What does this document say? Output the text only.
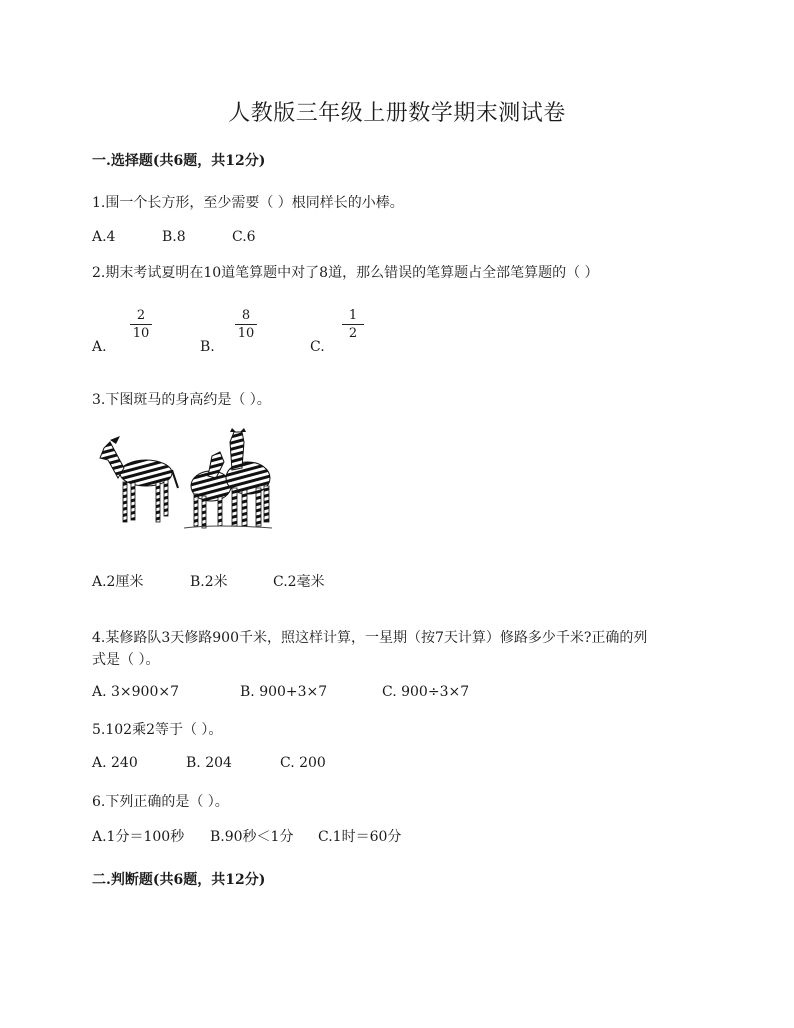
人教版三年级上册数学期末测试卷
一.选择题(共6题，共12分)
1.围一个长方形，至少需要（ ）根同样长的小棒。
A.4	B.8	C.6
2.期末考试夏明在10道笔算题中对了8道，那么错误的笔算题占全部笔算题的（ ）
A.
2
10
B.
8
10
C.
1
2
3.下图斑马的身高约是（ ）。
A.2厘米	B.2米	C.2毫米
4.某修路队3天修路900千米，照这样计算，一星期（按7天计算）修路多少千米?正确的列
式是（ ）。
A. 3×900×7	B. 900+3×7	C. 900÷3×7
5.102乘2等于（ ）。
A. 240	B. 204	C. 200
6.下列正确的是（ ）。
A.1分＝100秒 B.90秒＜1分 C.1时＝60分
二.判断题(共6题，共12分)
